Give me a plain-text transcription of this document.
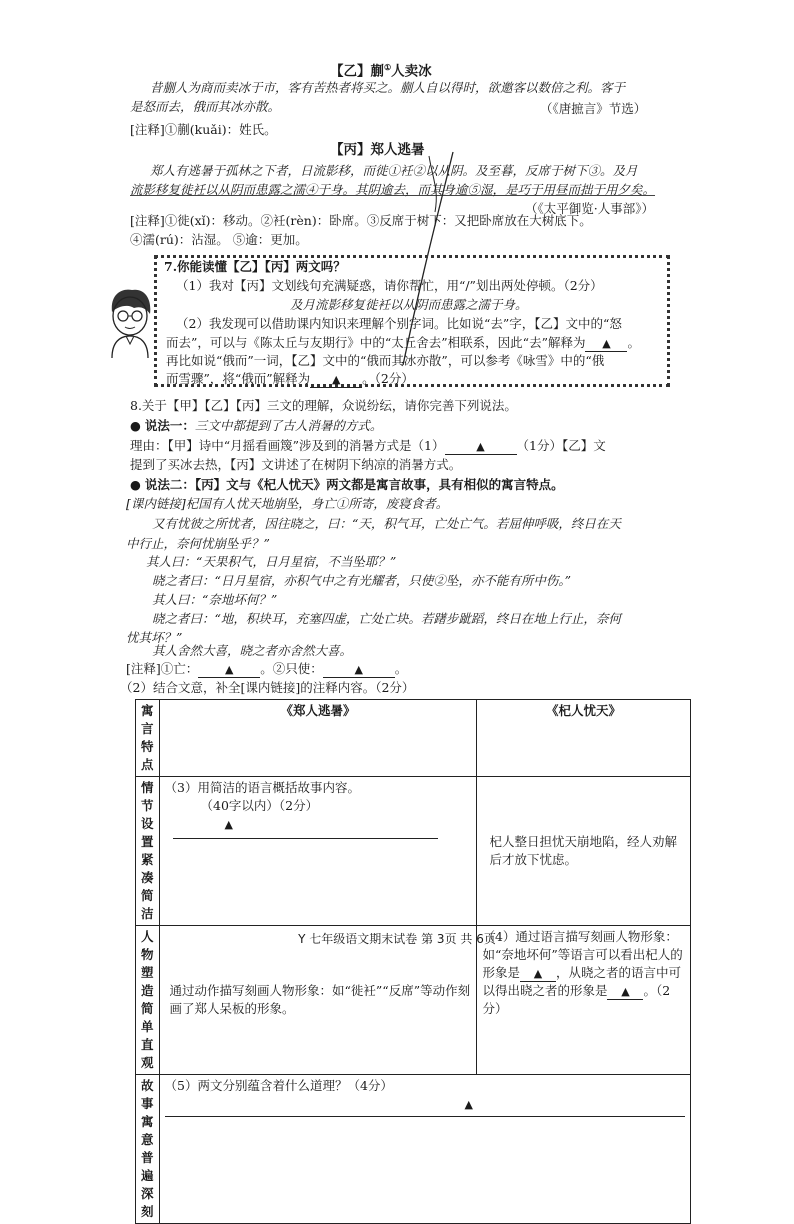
【乙】蒯①人卖冰
昔蒯人为商而卖冰于市，客有苦热者将买之。蒯人自以得时，欲邀客以数倍之利。客于
是怒而去，俄而其冰亦散。	（《唐摭言》节选）
[注释]①蒯(kuǎi)：姓氏。
【丙】郑人逃暑
郑人有逃暑于孤林之下者，日流影移，而徙①衽②以从阴。及至暮，反席于树下③。及月
流影移复徙衽以从阴而患露之濡④于身。其阴逾去，而其身逾⑤湿，是巧于用昼而拙于用夕矣。
（《太平御览·人事部》）
[注释]①徙(xǐ)：移动。②衽(rèn)：卧席。③反席于树下：又把卧席放在大树底下。
④濡(rú)：沾湿。 ⑤逾：更加。
7.你能读懂【乙】【丙】两文吗？
（1）我对【丙】文划线句充满疑惑，请你帮忙，用“/”划出两处停顿。（2分）
及月流影移复徙衽以从阴而患露之濡于身。
（2）我发现可以借助课内知识来理解个别字词。比如说“去”字，【乙】文中的“怒
而去”，可以与《陈太丘与友期行》中的“太丘舍去”相联系，因此“去”解释为 ▲ 。
再比如说“俄而”一词，【乙】文中的“俄而其冰亦散”，可以参考《咏雪》中的“俄
而雪骤”，将“俄而”解释为 ▲ 。（2分）
8.关于【甲】【乙】【丙】三文的理解，众说纷纭，请你完善下列说法。
● 说法一：三文中都提到了古人消暑的方式。
理由：【甲】诗中“月摇看画篾”涉及到的消暑方式是（1）	▲	（1分）【乙】文
提到了买冰去热，【丙】文讲述了在树阴下纳凉的消暑方式。
● 说法二：【丙】文与《杞人忧天》两文都是寓言故事，具有相似的寓言特点。
[课内链接]杞国有人忧天地崩坠，身亡①所寄，废寝食者。
又有忧彼之所忧者，因往晓之，曰：“天，积气耳，亡处亡气。若屈伸呼吸，终日在天
中行止，奈何忧崩坠乎？”
其人曰：“天果积气，日月星宿，不当坠耶？”
晓之者曰：“日月星宿，亦积气中之有光耀者，只使②坠，亦不能有所中伤。”
其人曰：“奈地坏何？”
晓之者曰：“地，积块耳，充塞四虚，亡处亡块。若躇步跐蹈，终日在地上行止，奈何
忧其坏？”
其人舍然大喜，晓之者亦舍然大喜。
[注释]①亡： ▲ 。②只使：	▲	。
（2）结合文意，补全[课内链接]的注释内容。（2分）
寓言特点	《郑人逃暑》	《杞人忧天》
情节设置紧凑简洁	（3）用简洁的语言概括故事内容。
（40字以内）（2分）
▲	杞人整日担忧天崩地陷，经人劝解后才放下忧虑。
人物塑造简单直观	通过动作描写刻画人物形象：如“徙衽”“反席”等动作刻画了郑人呆板的形象。	（4）通过语言描写刻画人物形象：如“奈地坏何”等语言可以看出杞人的形象是 ▲ ，从晓之者的语言中可以得出晓之者的形象是 ▲ 。（2分）
故事寓意普遍深刻	（5）两文分别蕴含着什么道理？（4分）
▲	
Y 七年级语文期末试卷 第 3页 共 6页
